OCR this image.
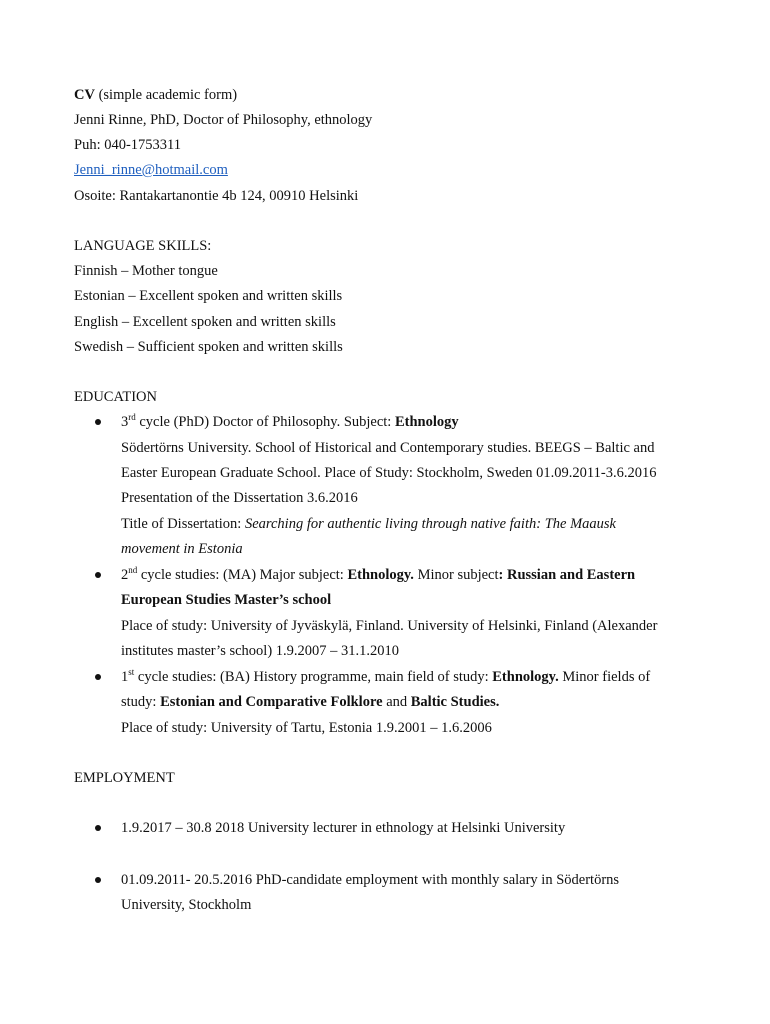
CV (simple academic form)
Jenni Rinne, PhD, Doctor of Philosophy, ethnology
Puh: 040-1753311
Jenni_rinne@hotmail.com
Osoite: Rantakartanontie 4b 124, 00910 Helsinki
LANGUAGE SKILLS:
Finnish – Mother tongue
Estonian – Excellent spoken and written skills
English – Excellent spoken and written skills
Swedish – Sufficient spoken and written skills
EDUCATION
3rd cycle (PhD) Doctor of Philosophy. Subject: Ethnology
Södertörns University. School of Historical and Contemporary studies. BEEGS – Baltic and
Easter European Graduate School. Place of Study: Stockholm, Sweden 01.09.2011-3.6.2016
Presentation of the Dissertation 3.6.2016
Title of Dissertation: Searching for authentic living through native faith: The Maausk
movement in Estonia
2nd cycle studies: (MA) Major subject: Ethnology. Minor subject: Russian and Eastern
European Studies Master’s school
Place of study: University of Jyväskylä, Finland. University of Helsinki, Finland (Alexander
institutes master’s school) 1.9.2007 – 31.1.2010
1st cycle studies: (BA) History programme, main field of study: Ethnology. Minor fields of
study: Estonian and Comparative Folklore and Baltic Studies.
Place of study: University of Tartu, Estonia 1.9.2001 – 1.6.2006
EMPLOYMENT
1.9.2017 – 30.8 2018 University lecturer in ethnology at Helsinki University
01.09.2011- 20.5.2016 PhD-candidate employment with monthly salary in Södertörns
University, Stockholm
